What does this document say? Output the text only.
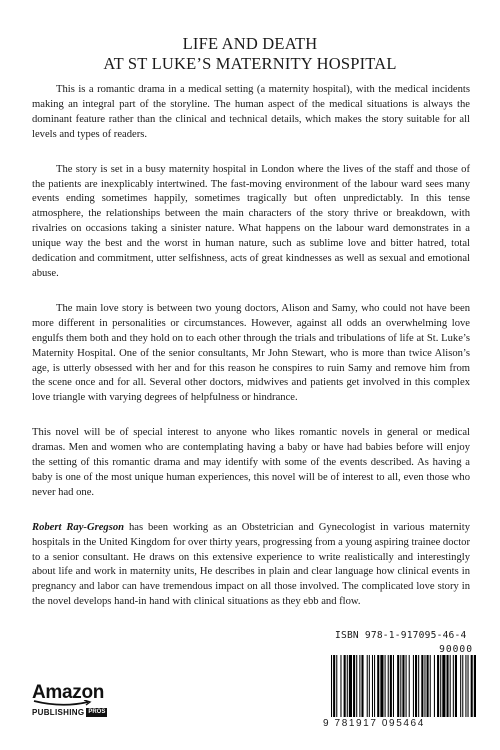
LIFE AND DEATH
AT ST LUKE’S MATERNITY HOSPITAL

This is a romantic drama in a medical setting (a maternity hospital), with the medical incidents making an integral part of the storyline. The human aspect of the medical situations is always the dominant feature rather than the clinical and technical details, which makes the story suitable for all levels and types of readers.

The story is set in a busy maternity hospital in London where the lives of the staff and those of the patients are inexplicably intertwined. The fast-moving environment of the labour ward sees many events ending sometimes happily, sometimes tragically but often unpredictably. In this tense atmosphere, the relationships between the main characters of the story thrive or breakdown, with rivalries on occasions taking a sinister nature. What happens on the labour ward demonstrates in a unique way the best and the worst in human nature, such as sublime love and bitter hatred, total dedication and commitment, utter selfishness, acts of great kindnesses as well as sexual and emotional abuse.

The main love story is between two young doctors, Alison and Samy, who could not have been more different in personalities or circumstances. However, against all odds an overwhelming love engulfs them both and they hold on to each other through the trials and tribulations of life at St. Luke’s Maternity Hospital. One of the senior consultants, Mr John Stewart, who is more than twice Alison’s age, is utterly obsessed with her and for this reason he conspires to ruin Samy and remove him from the scene once and for all. Several other doctors, midwives and patients get involved in this complex love triangle with varying degrees of helpfulness or hindrance.

This novel will be of special interest to anyone who likes romantic novels in general or medical dramas. Men and women who are contemplating having a baby or have had babies before will enjoy the setting of this romantic drama and may identify with some of the events described. As having a baby is one of the most unique human experiences, this novel will be of interest to all, even those who never had one.

Robert Ray-Gregson has been working as an Obstetrician and Gynecologist in various maternity hospitals in the United Kingdom for over thirty years, progressing from a young aspiring trainee doctor to a senior consultant. He draws on this extensive experience to write realistically and interestingly about life and work in maternity units, He describes in plain and clear language how clinical events in pregnancy and labor can have tremendous impact on all those involved. The complicated love story in the novel develops hand-in hand with clinical situations as they ebb and flow.

ISBN 978-1-917095-46-4
90000
9 781917 095464
Amazon
PUBLISHING PROS
